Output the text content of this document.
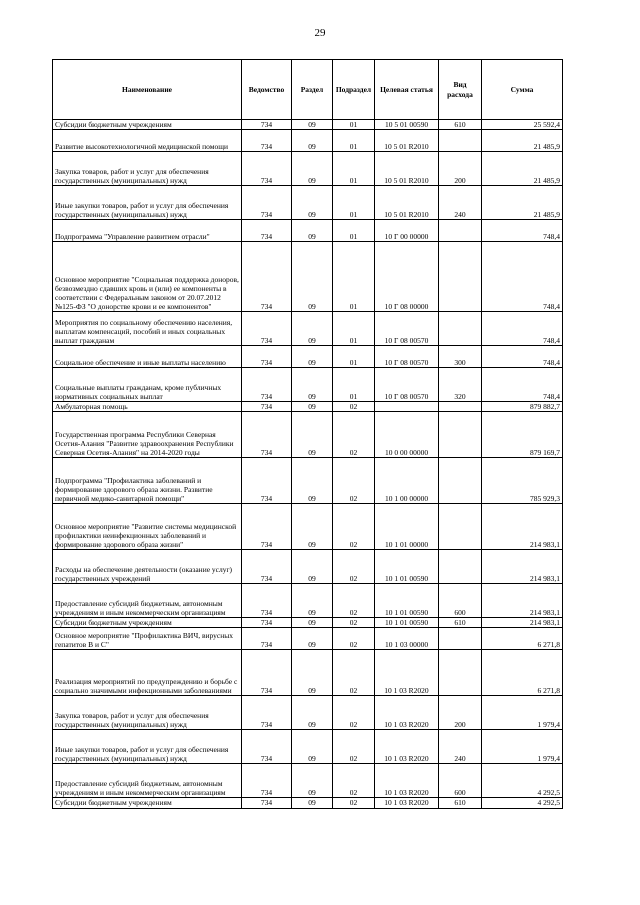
29
Наименование	Ведомство	Раздел	Подраздел	Целевая статья	Вид расхода	Сумма
Субсидии бюджетным учреждениям	734	09	01	10 5 01 00590	610	25 592,4
Развитие высокотехнологичной медицинской помощи	734	09	01	10 5 01 R2010		21 485,9
Закупка товаров, работ и услуг для обеспечения государственных (муниципальных) нужд	734	09	01	10 5 01 R2010	200	21 485,9
Иные закупки товаров, работ и услуг для обеспечения государственных (муниципальных) нужд	734	09	01	10 5 01 R2010	240	21 485,9
Подпрограмма "Управление развитием отрасли"	734	09	01	10 Г 00 00000		748,4
Основное мероприятие "Социальная поддержка доноров, безвозмездно сдавших кровь и (или) ее компоненты в соответствии с Федеральным законом от 20.07.2012 №125-ФЗ "О донорстве крови и ее компонентов"	734	09	01	10 Г 08 00000		748,4
Мероприятия по социальному обеспечению населения, выплатам компенсаций, пособий и иных социальных выплат гражданам	734	09	01	10 Г 08 00570		748,4
Социальное обеспечение и иные выплаты населению	734	09	01	10 Г 08 00570	300	748,4
Социальные выплаты гражданам, кроме публичных нормативных социальных выплат	734	09	01	10 Г 08 00570	320	748,4
Амбулаторная помощь	734	09	02			879 882,7
Государственная программа Республики Северная Осетия-Алания "Развитие здравоохранения Республики Северная Осетия-Алания" на 2014-2020 годы	734	09	02	10 0 00 00000		879 169,7
Подпрограмма "Профилактика заболеваний и формирование здорового образа жизни. Развитие первичной медико-санитарной помощи"	734	09	02	10 1 00 00000		785 929,3
Основное мероприятие "Развитие системы медицинской профилактики неинфекционных заболеваний и формирование здорового образа жизни"	734	09	02	10 1 01 00000		214 983,1
Расходы на обеспечение деятельности (оказание услуг) государственных учреждений	734	09	02	10 1 01 00590		214 983,1
Предоставление субсидий бюджетным, автономным учреждениям и иным некоммерческим организациям	734	09	02	10 1 01 00590	600	214 983,1
Субсидии бюджетным учреждениям	734	09	02	10 1 01 00590	610	214 983,1
Основное мероприятие "Профилактика ВИЧ, вирусных гепатитов В и С"	734	09	02	10 1 03 00000		6 271,8
Реализация мероприятий по предупреждению и борьбе с социально значимыми инфекционными заболеваниями	734	09	02	10 1 03 R2020		6 271,8
Закупка товаров, работ и услуг для обеспечения государственных (муниципальных) нужд	734	09	02	10 1 03 R2020	200	1 979,4
Иные закупки товаров, работ и услуг для обеспечения государственных (муниципальных) нужд	734	09	02	10 1 03 R2020	240	1 979,4
Предоставление субсидий бюджетным, автономным учреждениям и иным некоммерческим организациям	734	09	02	10 1 03 R2020	600	4 292,5
Субсидии бюджетным учреждениям	734	09	02	10 1 03 R2020	610	4 292,5
